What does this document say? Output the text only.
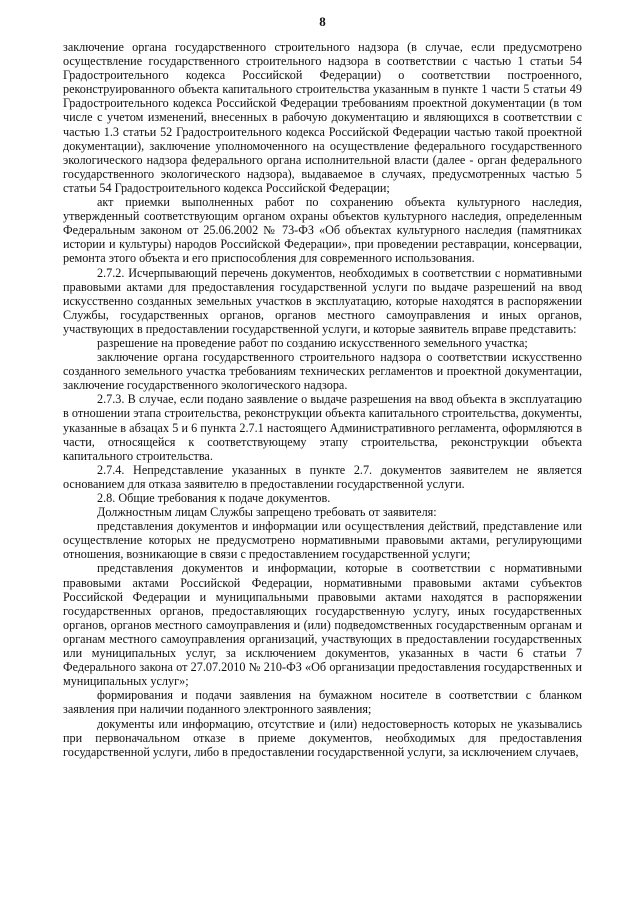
8

заключение органа государственного строительного надзора (в случае, если предусмотрено осуществление государственного строительного надзора в соответствии с частью 1 статьи 54 Градостроительного кодекса Российской Федерации) о соответствии построенного, реконструированного объекта капитального строительства указанным в пункте 1 части 5 статьи 49 Градостроительного кодекса Российской Федерации требованиям проектной документации (в том числе с учетом изменений, внесенных в рабочую документацию и являющихся в соответствии с частью 1.3 статьи 52 Градостроительного кодекса Российской Федерации частью такой проектной документации), заключение уполномоченного на осуществление федерального государственного экологического надзора федерального органа исполнительной власти (далее - орган федерального государственного экологического надзора), выдаваемое в случаях, предусмотренных частью 5 статьи 54 Градостроительного кодекса Российской Федерации;

акт приемки выполненных работ по сохранению объекта культурного наследия, утвержденный соответствующим органом охраны объектов культурного наследия, определенным Федеральным законом от 25.06.2002 № 73-ФЗ «Об объектах культурного наследия (памятниках истории и культуры) народов Российской Федерации», при проведении реставрации, консервации, ремонта этого объекта и его приспособления для современного использования.

2.7.2. Исчерпывающий перечень документов, необходимых в соответствии с нормативными правовыми актами для предоставления государственной услуги по выдаче разрешений на ввод искусственно созданных земельных участков в эксплуатацию, которые находятся в распоряжении Службы, государственных органов, органов местного самоуправления и иных органов, участвующих в предоставлении государственной услуги, и которые заявитель вправе представить:

разрешение на проведение работ по созданию искусственного земельного участка;

заключение органа государственного строительного надзора о соответствии искусственно созданного земельного участка требованиям технических регламентов и проектной документации, заключение государственного экологического надзора.

2.7.3. В случае, если подано заявление о выдаче разрешения на ввод объекта в эксплуатацию в отношении этапа строительства, реконструкции объекта капитального строительства, документы, указанные в абзацах 5 и 6 пункта 2.7.1 настоящего Административного регламента, оформляются в части, относящейся к соответствующему этапу строительства, реконструкции объекта капитального строительства.

2.7.4. Непредставление указанных в пункте 2.7. документов заявителем не является основанием для отказа заявителю в предоставлении государственной услуги.

2.8. Общие требования к подаче документов.

Должностным лицам Службы запрещено требовать от заявителя:

представления документов и информации или осуществления действий, представление или осуществление которых не предусмотрено нормативными правовыми актами, регулирующими отношения, возникающие в связи с предоставлением государственной услуги;

представления документов и информации, которые в соответствии с нормативными правовыми актами Российской Федерации, нормативными правовыми актами субъектов Российской Федерации и муниципальными правовыми актами находятся в распоряжении государственных органов, предоставляющих государственную услугу, иных государственных органов, органов местного самоуправления и (или) подведомственных государственным органам и органам местного самоуправления организаций, участвующих в предоставлении государственных или муниципальных услуг, за исключением документов, указанных в части 6 статьи 7 Федерального закона от 27.07.2010 № 210-ФЗ «Об организации предоставления государственных и муниципальных услуг»;

формирования и подачи заявления на бумажном носителе в соответствии с бланком заявления при наличии поданного электронного заявления;

документы или информацию, отсутствие и (или) недостоверность которых не указывались при первоначальном отказе в приеме документов, необходимых для предоставления государственной услуги, либо в предоставлении государственной услуги, за исключением случаев,
